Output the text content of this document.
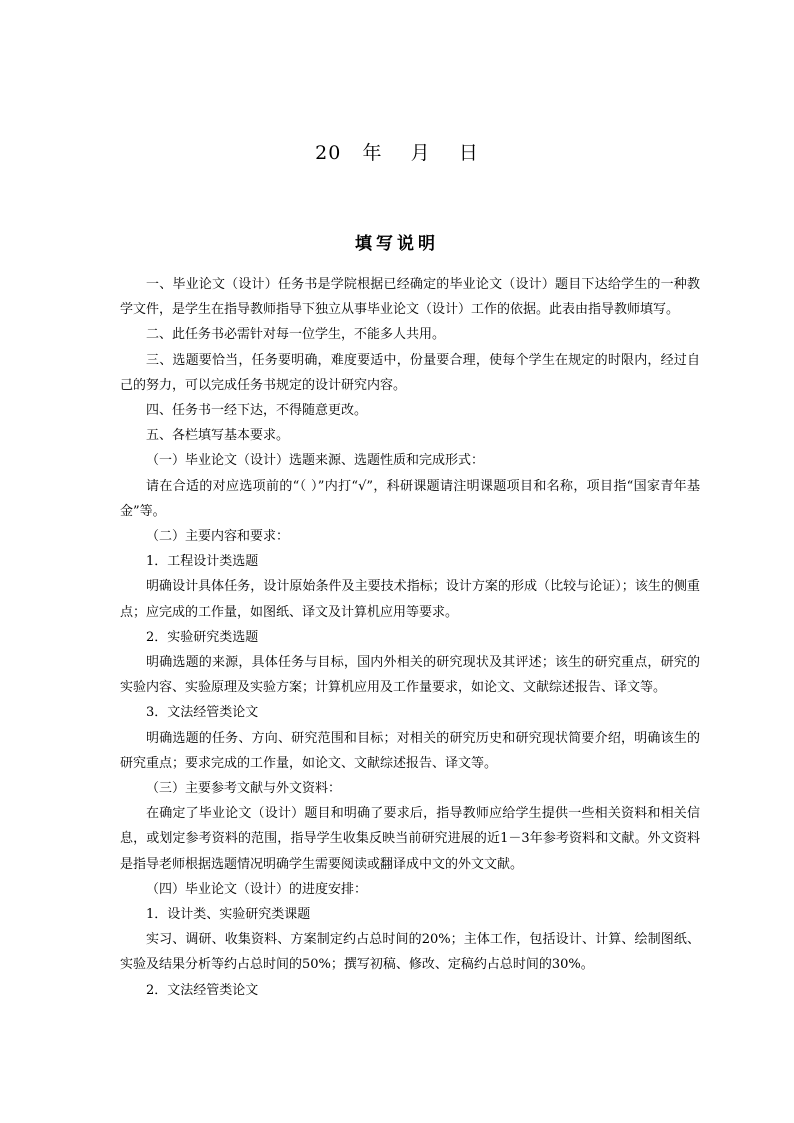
20 年 月 日
填写说明

一、毕业论文（设计）任务书是学院根据已经确定的毕业论文（设计）题目下达给学生的一种教学文件，是学生在指导教师指导下独立从事毕业论文（设计）工作的依据。此表由指导教师填写。

二、此任务书必需针对每一位学生，不能多人共用。

三、选题要恰当，任务要明确，难度要适中，份量要合理，使每个学生在规定的时限内，经过自己的努力，可以完成任务书规定的设计研究内容。

四、任务书一经下达，不得随意更改。

五、各栏填写基本要求。

（一）毕业论文（设计）选题来源、选题性质和完成形式：

请在合适的对应选项前的“（ ）”内打“√”，科研课题请注明课题项目和名称，项目指“国家青年基金”等。

（二）主要内容和要求：

1．工程设计类选题

明确设计具体任务，设计原始条件及主要技术指标；设计方案的形成（比较与论证）；该生的侧重点；应完成的工作量，如图纸、译文及计算机应用等要求。

2．实验研究类选题

明确选题的来源，具体任务与目标，国内外相关的研究现状及其评述；该生的研究重点，研究的实验内容、实验原理及实验方案；计算机应用及工作量要求，如论文、文献综述报告、译文等。

3．文法经管类论文

明确选题的任务、方向、研究范围和目标；对相关的研究历史和研究现状简要介绍，明确该生的研究重点；要求完成的工作量，如论文、文献综述报告、译文等。

（三）主要参考文献与外文资料：

在确定了毕业论文（设计）题目和明确了要求后，指导教师应给学生提供一些相关资料和相关信息，或划定参考资料的范围，指导学生收集反映当前研究进展的近1－3年参考资料和文献。外文资料是指导老师根据选题情况明确学生需要阅读或翻译成中文的外文文献。

（四）毕业论文（设计）的进度安排：

1．设计类、实验研究类课题

实习、调研、收集资料、方案制定约占总时间的20%；主体工作，包括设计、计算、绘制图纸、实验及结果分析等约占总时间的50%；撰写初稿、修改、定稿约占总时间的30%。

2．文法经管类论文
